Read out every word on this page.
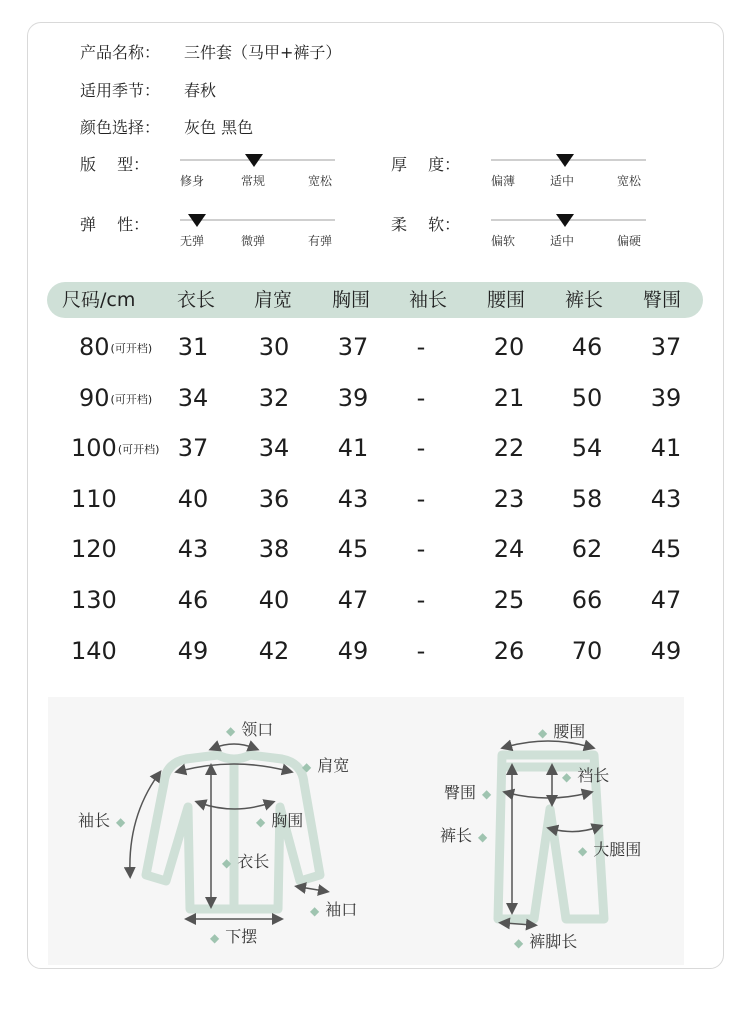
产品名称： 三件套（马甲+裤子）
适用季节： 春秋
颜色选择： 灰色 黑色
版　 型：
修身	常规	宽松
厚　 度：
偏薄	适中	宽松
弹　 性：
无弹	微弹	有弹
柔　 软：
偏软	适中	偏硬
尺码/cm 衣长 肩宽 胸围 袖长 腰围 裤长 臀围
80(可开档)	31	30	37	-	20	46	37
90(可开档)	34	32	39	-	21	50	39
100(可开档) 37	34	41	-	22	54	41
110	40	36	43	-	23	58	43
120	43	38	45	-	24	62	45
130	46	40	47	-	25	66	47
140	49	42	49	-	26	70	49
◆ 领口
◆ 肩宽
袖长 ◆	◆ 胸围
◆ 衣长
◆ 袖口
◆ 下摆
◆ 腰围
臀围 ◆
◆ 裆长
裤长 ◆
◆ 大腿围
◆ 裤脚长
